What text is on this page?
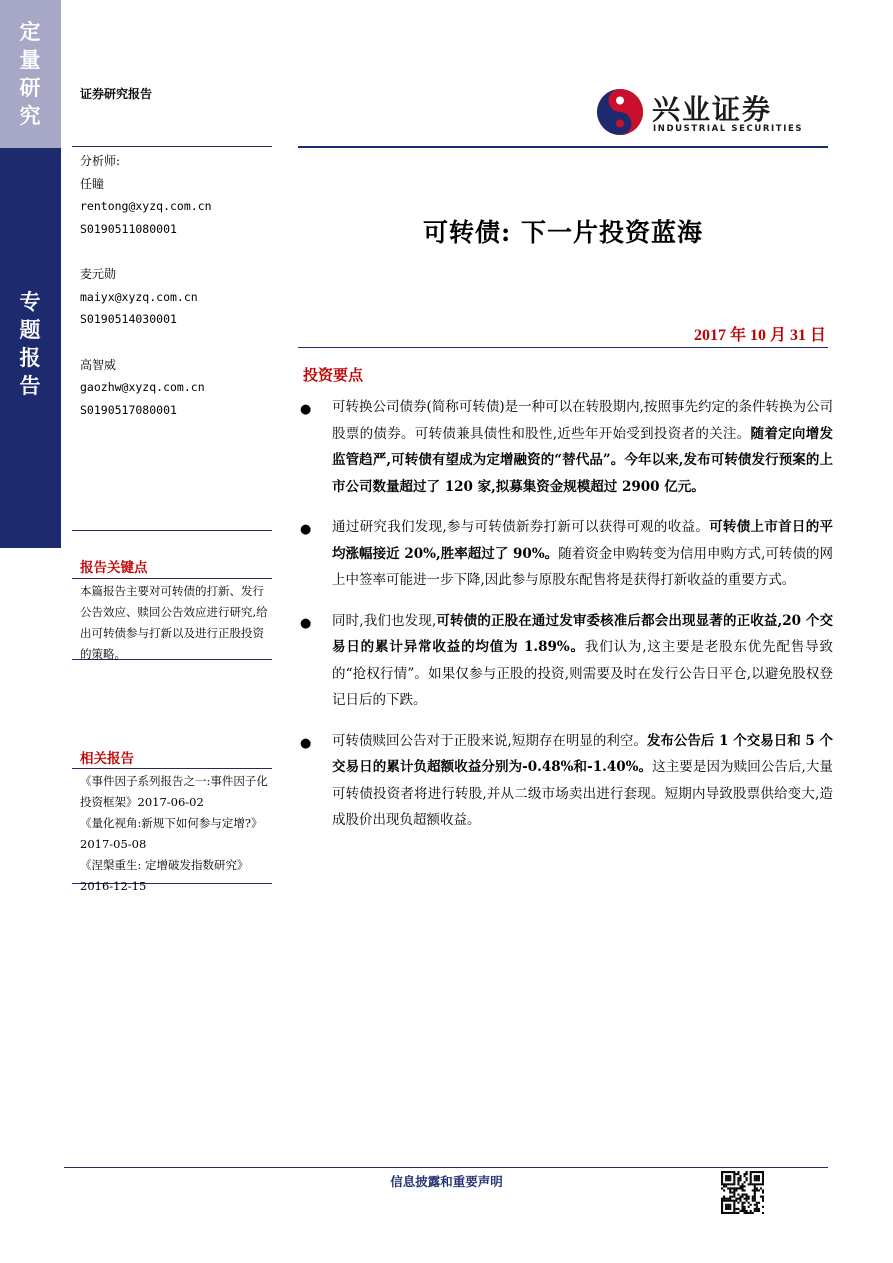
定
量
研
究
专
题
报
告
证券研究报告	兴业证券
INDUSTRIAL SECURITIES
分析师:
任瞳
rentong@xyzq.com.cn
S0190511080001
麦元勋
maiyx@xyzq.com.cn
S0190514030001
高智威
gaozhw@xyzq.com.cn
S0190517080001
报告关键点
本篇报告主要对可转债的打新、发行公告效应、赎回公告效应进行研究,给出可转债参与打新以及进行正股投资的策略。
相关报告
《事件因子系列报告之一:事件因子化投资框架》2017-06-02
《量化视角:新规下如何参与定增?》2017-05-08
《涅槃重生: 定增破发指数研究》2016-12-15
可转债: 下一片投资蓝海
2017 年 10 月 31 日
投资要点
● 可转换公司债券(简称可转债)是一种可以在转股期内,按照事先约定的条件转换为公司股票的债券。可转债兼具债性和股性,近些年开始受到投资者的关注。随着定向增发监管趋严,可转债有望成为定增融资的“替代品”。今年以来,发布可转债发行预案的上市公司数量超过了 120 家,拟募集资金规模超过 2900 亿元。
● 通过研究我们发现,参与可转债新券打新可以获得可观的收益。可转债上市首日的平均涨幅接近 20%,胜率超过了 90%。随着资金申购转变为信用申购方式,可转债的网上中签率可能进一步下降,因此参与原股东配售将是获得打新收益的重要方式。
● 同时,我们也发现,可转债的正股在通过发审委核准后都会出现显著的正收益,20 个交易日的累计异常收益的均值为 1.89%。我们认为,这主要是老股东优先配售导致的“抢权行情”。如果仅参与正股的投资,则需要及时在发行公告日平仓,以避免股权登记日后的下跌。
● 可转债赎回公告对于正股来说,短期存在明显的利空。发布公告后 1 个交易日和 5 个交易日的累计负超额收益分别为-0.48%和-1.40%。这主要是因为赎回公告后,大量可转债投资者将进行转股,并从二级市场卖出进行套现。短期内导致股票供给变大,造成股价出现负超额收益。
信息披露和重要声明
